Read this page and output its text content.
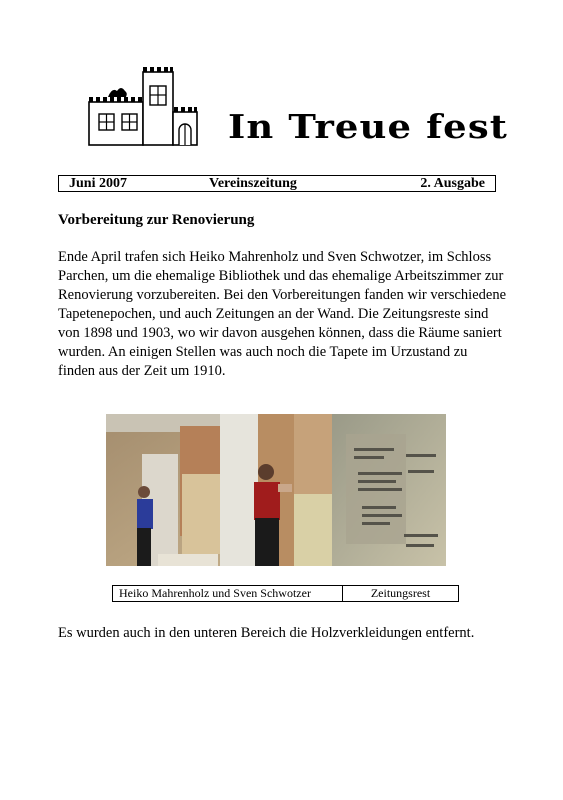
In Treue fest
Juni 2007	Vereinszeitung	2. Ausgabe
Vorbereitung zur Renovierung

Ende April trafen sich Heiko Mahrenholz und Sven Schwotzer, im Schloss Parchen, um die ehemalige Bibliothek und das ehemalige Arbeitszimmer zur Renovierung vorzubereiten. Bei den Vorbereitungen fanden wir verschiedene Tapetenepochen, und auch Zeitungen an der Wand. Die Zeitungsreste sind von 1898 und 1903, wo wir davon ausgehen können, dass die Räume saniert wurden. An einigen Stellen was auch noch die Tapete im Urzustand zu finden aus der Zeit um 1910.

Heiko Mahrenholz und Sven Schwotzer	Zeitungsrest

Es wurden auch in den unteren Bereich die Holzverkleidungen entfernt.
